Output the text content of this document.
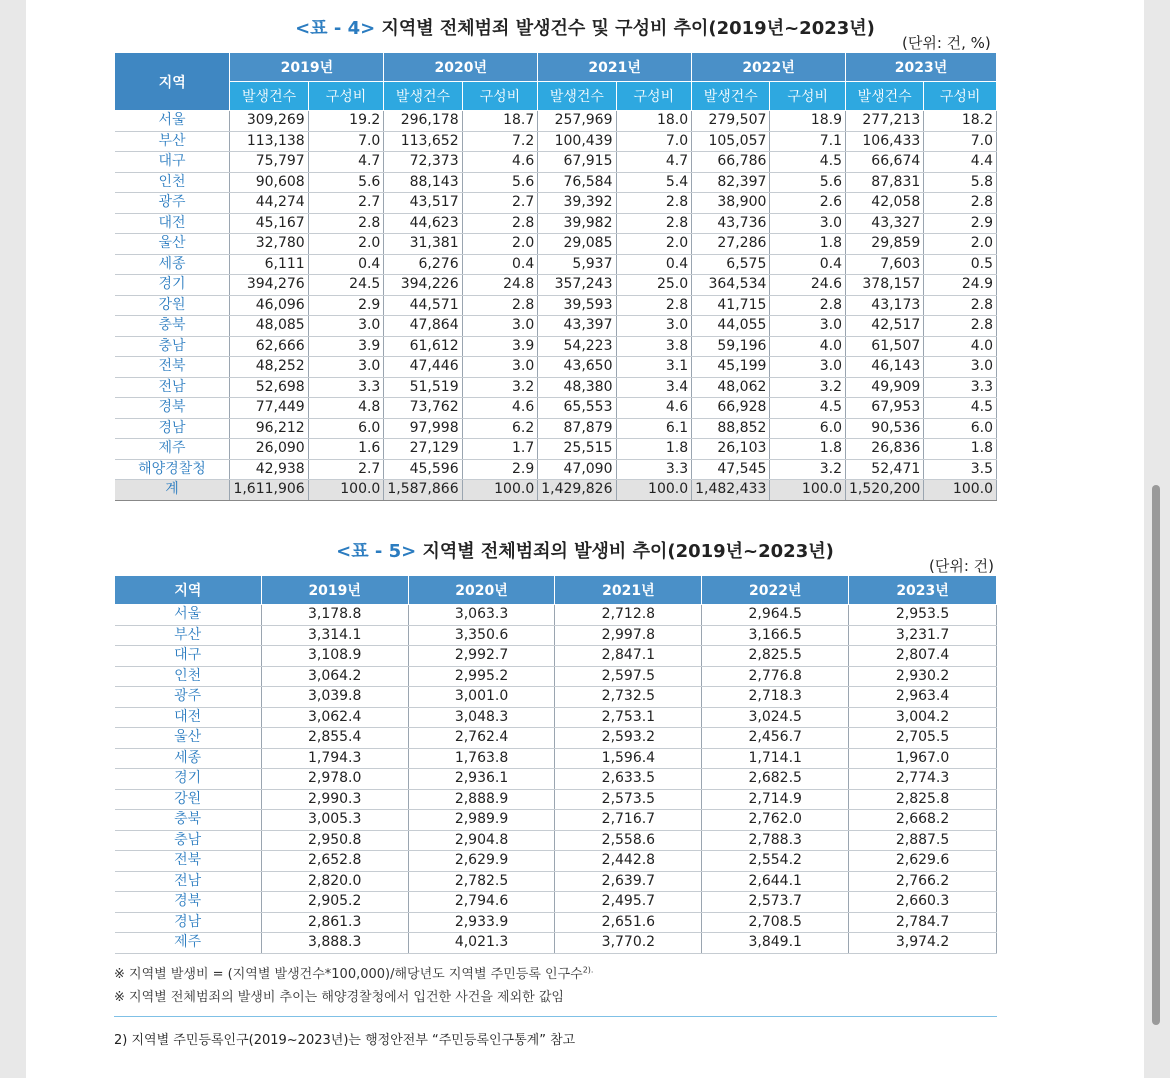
<표 - 4> 지역별 전체범죄 발생건수 및 구성비 추이(2019년~2023년)
(단위: 건, %)
지역	2019년		2020년		2021년		2022년		2023년	
	발생건수	구성비	발생건수	구성비	발생건수	구성비	발생건수	구성비	발생건수	구성비
서울	309,269	19.2	296,178	18.7	257,969	18.0	279,507	18.9	277,213	18.2
부산	113,138	7.0	113,652	7.2	100,439	7.0	105,057	7.1	106,433	7.0
대구	75,797	4.7	72,373	4.6	67,915	4.7	66,786	4.5	66,674	4.4
인천	90,608	5.6	88,143	5.6	76,584	5.4	82,397	5.6	87,831	5.8
광주	44,274	2.7	43,517	2.7	39,392	2.8	38,900	2.6	42,058	2.8
대전	45,167	2.8	44,623	2.8	39,982	2.8	43,736	3.0	43,327	2.9
울산	32,780	2.0	31,381	2.0	29,085	2.0	27,286	1.8	29,859	2.0
세종	6,111	0.4	6,276	0.4	5,937	0.4	6,575	0.4	7,603	0.5
경기	394,276	24.5	394,226	24.8	357,243	25.0	364,534	24.6	378,157	24.9
강원	46,096	2.9	44,571	2.8	39,593	2.8	41,715	2.8	43,173	2.8
충북	48,085	3.0	47,864	3.0	43,397	3.0	44,055	3.0	42,517	2.8
충남	62,666	3.9	61,612	3.9	54,223	3.8	59,196	4.0	61,507	4.0
전북	48,252	3.0	47,446	3.0	43,650	3.1	45,199	3.0	46,143	3.0
전남	52,698	3.3	51,519	3.2	48,380	3.4	48,062	3.2	49,909	3.3
경북	77,449	4.8	73,762	4.6	65,553	4.6	66,928	4.5	67,953	4.5
경남	96,212	6.0	97,998	6.2	87,879	6.1	88,852	6.0	90,536	6.0
제주	26,090	1.6	27,129	1.7	25,515	1.8	26,103	1.8	26,836	1.8
해양경찰청	42,938	2.7	45,596	2.9	47,090	3.3	47,545	3.2	52,471	3.5
계	1,611,906	100.0	1,587,866	100.0	1,429,826	100.0	1,482,433	100.0	1,520,200	100.0
<표 - 5> 지역별 전체범죄의 발생비 추이(2019년~2023년)
(단위: 건)
지역	2019년	2020년	2021년	2022년	2023년
서울	3,178.8	3,063.3	2,712.8	2,964.5	2,953.5
부산	3,314.1	3,350.6	2,997.8	3,166.5	3,231.7
대구	3,108.9	2,992.7	2,847.1	2,825.5	2,807.4
인천	3,064.2	2,995.2	2,597.5	2,776.8	2,930.2
광주	3,039.8	3,001.0	2,732.5	2,718.3	2,963.4
대전	3,062.4	3,048.3	2,753.1	3,024.5	3,004.2
울산	2,855.4	2,762.4	2,593.2	2,456.7	2,705.5
세종	1,794.3	1,763.8	1,596.4	1,714.1	1,967.0
경기	2,978.0	2,936.1	2,633.5	2,682.5	2,774.3
강원	2,990.3	2,888.9	2,573.5	2,714.9	2,825.8
충북	3,005.3	2,989.9	2,716.7	2,762.0	2,668.2
충남	2,950.8	2,904.8	2,558.6	2,788.3	2,887.5
전북	2,652.8	2,629.9	2,442.8	2,554.2	2,629.6
전남	2,820.0	2,782.5	2,639.7	2,644.1	2,766.2
경북	2,905.2	2,794.6	2,495.7	2,573.7	2,660.3
경남	2,861.3	2,933.9	2,651.6	2,708.5	2,784.7
제주	3,888.3	4,021.3	3,770.2	3,849.1	3,974.2
※ 지역별 발생비 = (지역별 발생건수*100,000)/해당년도 지역별 주민등록 인구수$^{2).}$
※ 지역별 전체범죄의 발생비 추이는 해양경찰청에서 입건한 사건을 제외한 값임
2) 지역별 주민등록인구(2019~2023년)는 행정안전부 “주민등록인구통계” 참고
